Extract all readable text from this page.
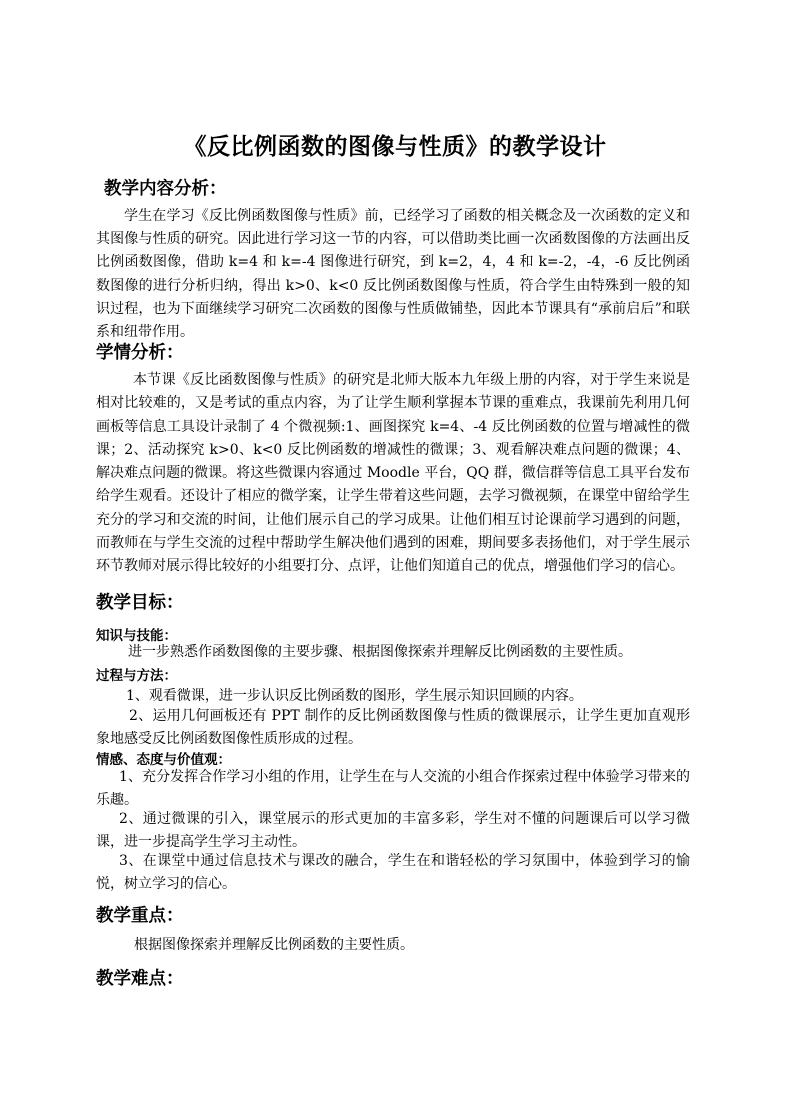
《反比例函数的图像与性质》的教学设计
教学内容分析：

学生在学习《反比例函数图像与性质》前，已经学习了函数的相关概念及一次函数的定义和其图像与性质的研究。因此进行学习这一节的内容，可以借助类比画一次函数图像的方法画出反比例函数图像，借助 k=4 和 k=-4 图像进行研究，到 k=2，4，4 和 k=-2，-4，-6 反比例函数图像的进行分析归纳，得出 k>0、k<0 反比例函数图像与性质，符合学生由特殊到一般的知识过程，也为下面继续学习研究二次函数的图像与性质做铺垫，因此本节课具有“承前启后”和联系和纽带作用。

学情分析：

本节课《反比函数图像与性质》的研究是北师大版本九年级上册的内容，对于学生来说是相对比较难的，又是考试的重点内容，为了让学生顺利掌握本节课的重难点，我课前先利用几何画板等信息工具设计录制了 4 个微视频:1、画图探究 k=4、-4 反比例函数的位置与增减性的微课；2、活动探究 k>0、k<0 反比例函数的增减性的微课；3、观看解决难点问题的微课；4、解决难点问题的微课。将这些微课内容通过 Moodle 平台，QQ 群，微信群等信息工具平台发布给学生观看。还设计了相应的微学案，让学生带着这些问题，去学习微视频，在课堂中留给学生充分的学习和交流的时间，让他们展示自己的学习成果。让他们相互讨论课前学习遇到的问题，而教师在与学生交流的过程中帮助学生解决他们遇到的困难，期间要多表扬他们，对于学生展示环节教师对展示得比较好的小组要打分、点评，让他们知道自己的优点，增强他们学习的信心。

教学目标：
知识与技能：

进一步熟悉作函数图像的主要步骤、根据图像探索并理解反比例函数的主要性质。

过程与方法：

1、观看微课，进一步认识反比例函数的图形，学生展示知识回顾的内容。

2、运用几何画板还有 PPT 制作的反比例函数图像与性质的微课展示，让学生更加直观形象地感受反比例函数图像性质形成的过程。

情感、态度与价值观：

1、充分发挥合作学习小组的作用，让学生在与人交流的小组合作探索过程中体验学习带来的乐趣。

2、通过微课的引入，课堂展示的形式更加的丰富多彩，学生对不懂的问题课后可以学习微课，进一步提高学生学习主动性。

3、在课堂中通过信息技术与课改的融合，学生在和谐轻松的学习氛围中，体验到学习的愉悦，树立学习的信心。

教学重点：

根据图像探索并理解反比例函数的主要性质。

教学难点：
